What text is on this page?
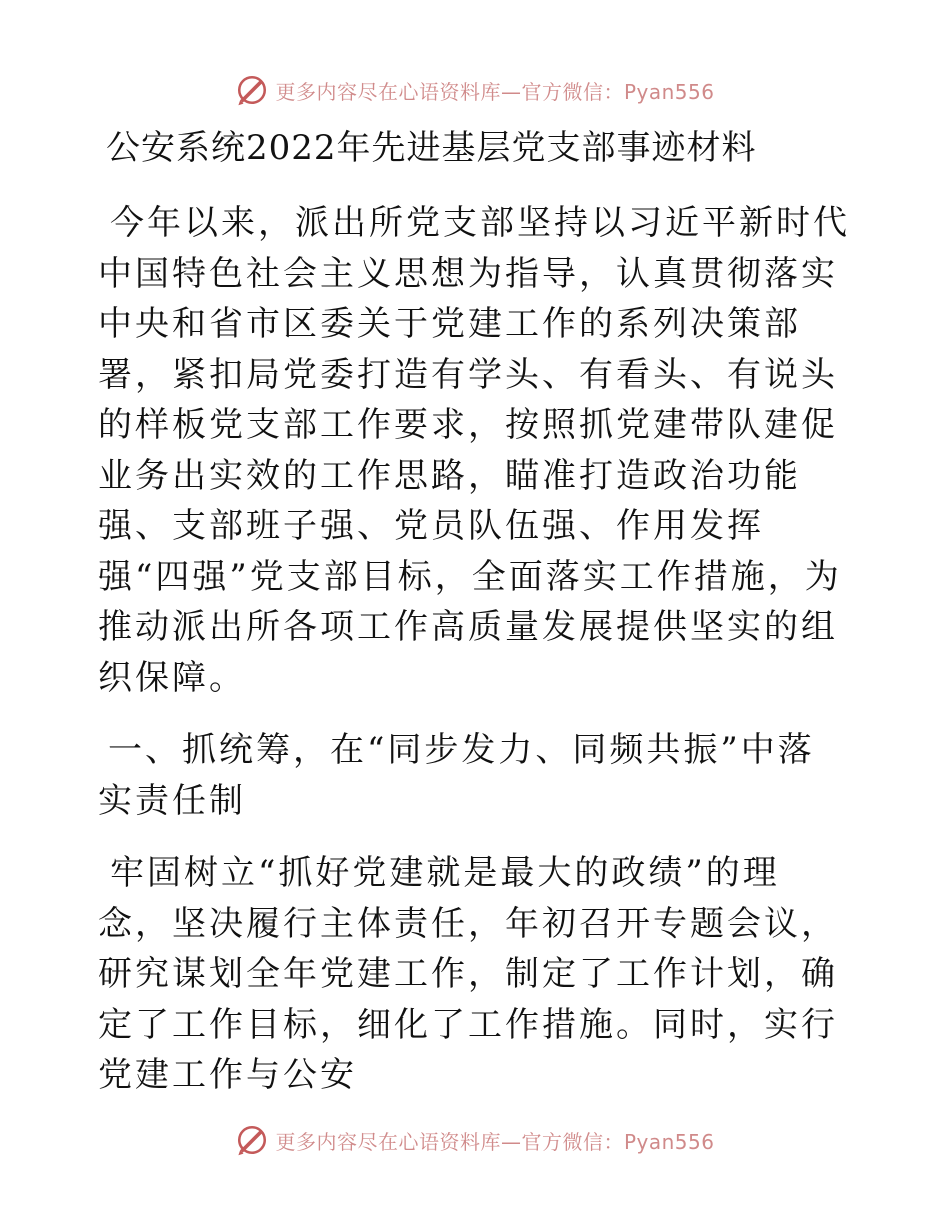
更多内容尽在心语资料库—官方微信：Pyan556
公安系统2022年先进基层党支部事迹材料

今年以来，派出所党支部坚持以习近平新时代中国特色社会主义思想为指导，认真贯彻落实中央和省市区委关于党建工作的系列决策部署，紧扣局党委打造有学头、有看头、有说头的样板党支部工作要求，按照抓党建带队建促业务出实效的工作思路，瞄准打造政治功能强、支部班子强、党员队伍强、作用发挥强“四强”党支部目标，全面落实工作措施，为推动派出所各项工作高质量发展提供坚实的组织保障。

一、抓统筹，在“同步发力、同频共振”中落实责任制

牢固树立“抓好党建就是最大的政绩”的理念，坚决履行主体责任，年初召开专题会议，研究谋划全年党建工作，制定了工作计划，确定了工作目标，细化了工作措施。同时，实行党建工作与公安

更多内容尽在心语资料库—官方微信：Pyan556
